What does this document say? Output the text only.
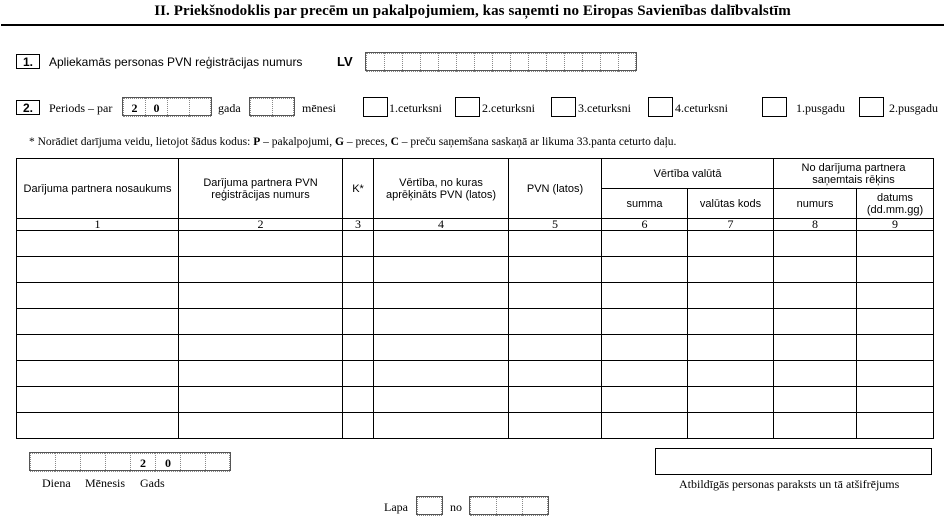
II. Priekšnodoklis par precēm un pakalpojumiem, kas saņemti no Eiropas Savienības dalībvalstīm
1.	Apliekamās personas PVN reģistrācijas numurs	LV
2.	Periods – par	2	0	gada	mēnesi	1.ceturksni	2.ceturksni	3.ceturksni	4.ceturksni	1.pusgadu	2.pusgadu
* Norādiet darījuma veidu, lietojot šādus kodus: P – pakalpojumi, G – preces, C – preču saņemšana saskaņā ar likuma 33.panta ceturto daļu.
Darījuma partnera nosaukums	Darījuma partnera PVN reģistrācijas numurs	K*	Vērtība, no kuras aprēķināts PVN (latos)	PVN (latos)	Vērtība valūtā		No darījuma partnera saņemtais rēķins	
					summa	valūtas kods	numurs	datums (dd.mm.gg)
1	2	3	4	5	6	7	8	9

2	0
Diena Mēnesis Gads	Atbildīgās personas paraksts un tā atšifrējums
Lapa	no
